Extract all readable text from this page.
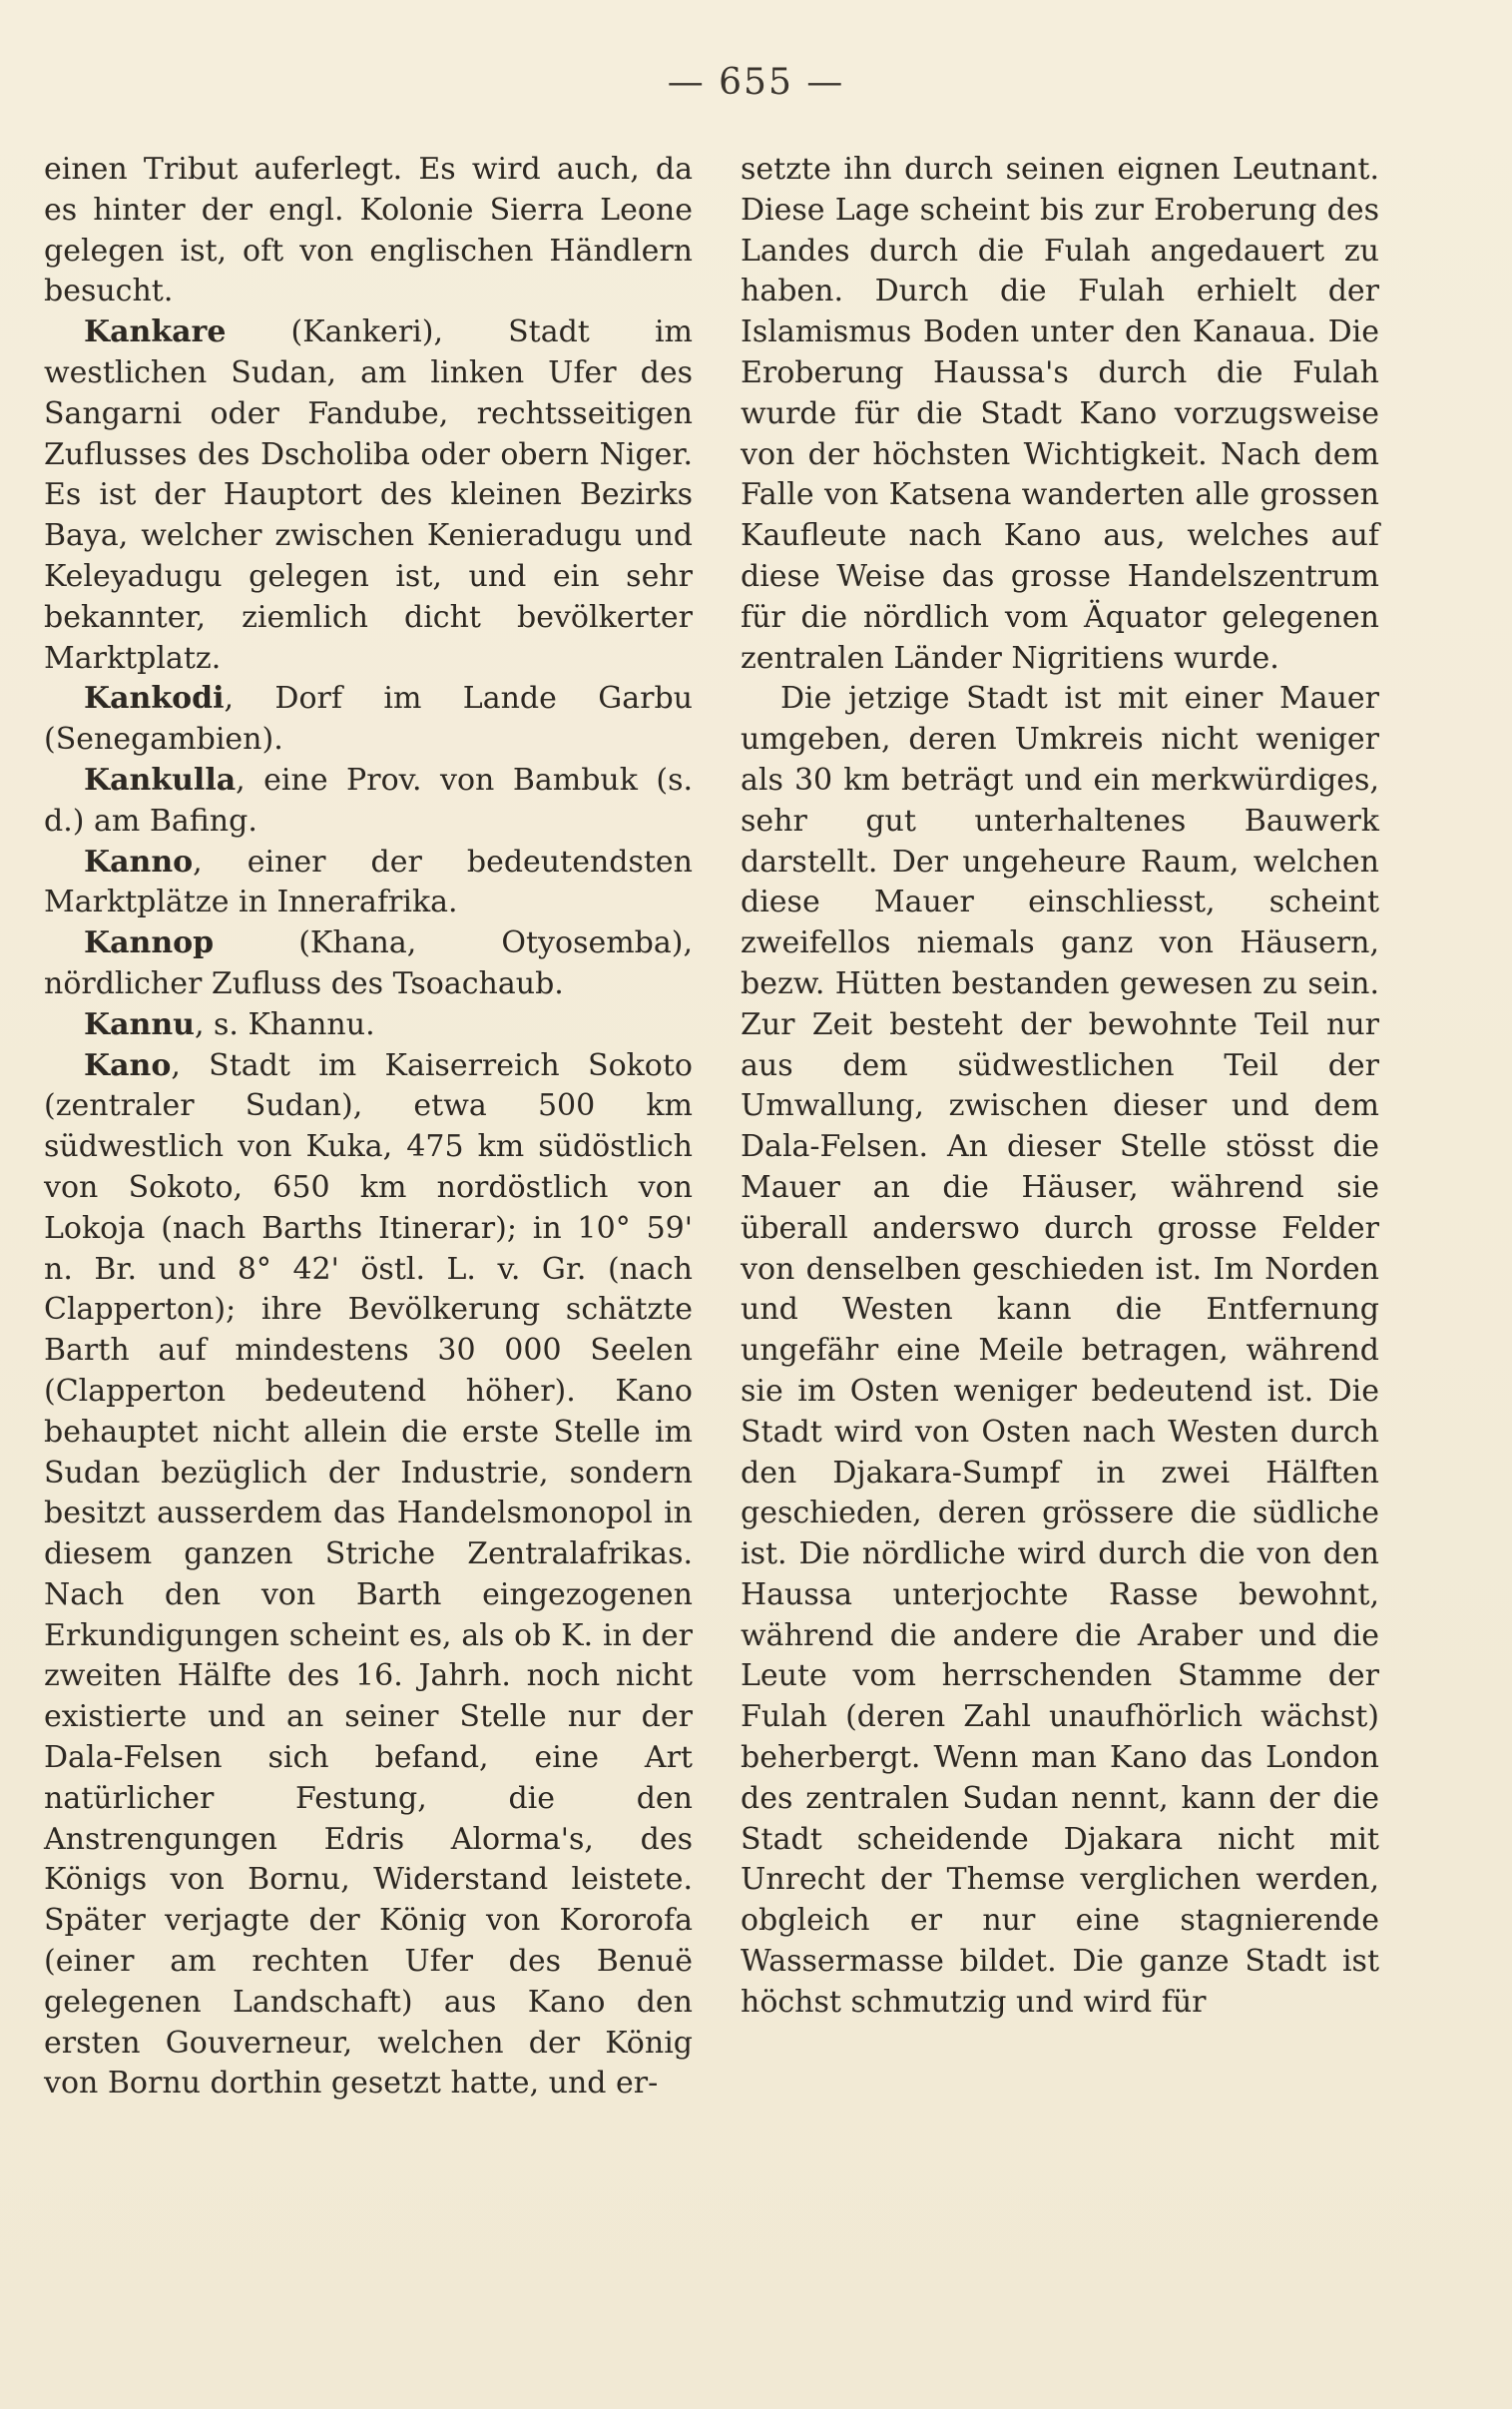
— 655 —

einen Tribut auferlegt. Es wird auch, da es hinter der engl. Kolonie Sierra Leone gelegen ist, oft von englischen Händlern besucht.

Kankare (Kankeri), Stadt im westlichen Sudan, am linken Ufer des Sangarni oder Fandube, rechtsseitigen Zuflusses des Dscholiba oder obern Niger. Es ist der Hauptort des kleinen Bezirks Baya, welcher zwischen Kenieradugu und Keleyadugu gelegen ist, und ein sehr bekannter, ziemlich dicht bevölkerter Marktplatz.

Kankodi, Dorf im Lande Garbu (Senegambien).

Kankulla, eine Prov. von Bambuk (s. d.) am Bafing.

Kanno, einer der bedeutendsten Marktplätze in Innerafrika.

Kannop (Khana, Otyosemba), nördlicher Zufluss des Tsoachaub.

Kannu, s. Khannu.

Kano, Stadt im Kaiserreich Sokoto (zentraler Sudan), etwa 500 km südwestlich von Kuka, 475 km südöstlich von Sokoto, 650 km nordöstlich von Lokoja (nach Barths Itinerar); in 10° 59' n. Br. und 8° 42' östl. L. v. Gr. (nach Clapperton); ihre Bevölkerung schätzte Barth auf mindestens 30 000 Seelen (Clapperton bedeutend höher). Kano behauptet nicht allein die erste Stelle im Sudan bezüglich der Industrie, sondern besitzt ausserdem das Handelsmonopol in diesem ganzen Striche Zentralafrikas. Nach den von Barth eingezogenen Erkundigungen scheint es, als ob K. in der zweiten Hälfte des 16. Jahrh. noch nicht existierte und an seiner Stelle nur der Dala-Felsen sich befand, eine Art natürlicher Festung, die den Anstrengungen Edris Alorma's, des Königs von Bornu, Widerstand leistete. Später verjagte der König von Kororofa (einer am rechten Ufer des Benuë gelegenen Landschaft) aus Kano den ersten Gouverneur, welchen der König von Bornu dorthin gesetzt hatte, und er-

setzte ihn durch seinen eignen Leutnant. Diese Lage scheint bis zur Eroberung des Landes durch die Fulah angedauert zu haben. Durch die Fulah erhielt der Islamismus Boden unter den Kanaua. Die Eroberung Haussa's durch die Fulah wurde für die Stadt Kano vorzugsweise von der höchsten Wichtigkeit. Nach dem Falle von Katsena wanderten alle grossen Kaufleute nach Kano aus, welches auf diese Weise das grosse Handelszentrum für die nördlich vom Äquator gelegenen zentralen Länder Nigritiens wurde.

Die jetzige Stadt ist mit einer Mauer umgeben, deren Umkreis nicht weniger als 30 km beträgt und ein merkwürdiges, sehr gut unterhaltenes Bauwerk darstellt. Der ungeheure Raum, welchen diese Mauer einschliesst, scheint zweifellos niemals ganz von Häusern, bezw. Hütten bestanden gewesen zu sein. Zur Zeit besteht der bewohnte Teil nur aus dem südwestlichen Teil der Umwallung, zwischen dieser und dem Dala-Felsen. An dieser Stelle stösst die Mauer an die Häuser, während sie überall anderswo durch grosse Felder von denselben geschieden ist. Im Norden und Westen kann die Entfernung ungefähr eine Meile betragen, während sie im Osten weniger bedeutend ist. Die Stadt wird von Osten nach Westen durch den Djakara-Sumpf in zwei Hälften geschieden, deren grössere die südliche ist. Die nördliche wird durch die von den Haussa unterjochte Rasse bewohnt, während die andere die Araber und die Leute vom herrschenden Stamme der Fulah (deren Zahl unaufhörlich wächst) beherbergt. Wenn man Kano das London des zentralen Sudan nennt, kann der die Stadt scheidende Djakara nicht mit Unrecht der Themse verglichen werden, obgleich er nur eine stagnierende Wassermasse bildet. Die ganze Stadt ist höchst schmutzig und wird für
